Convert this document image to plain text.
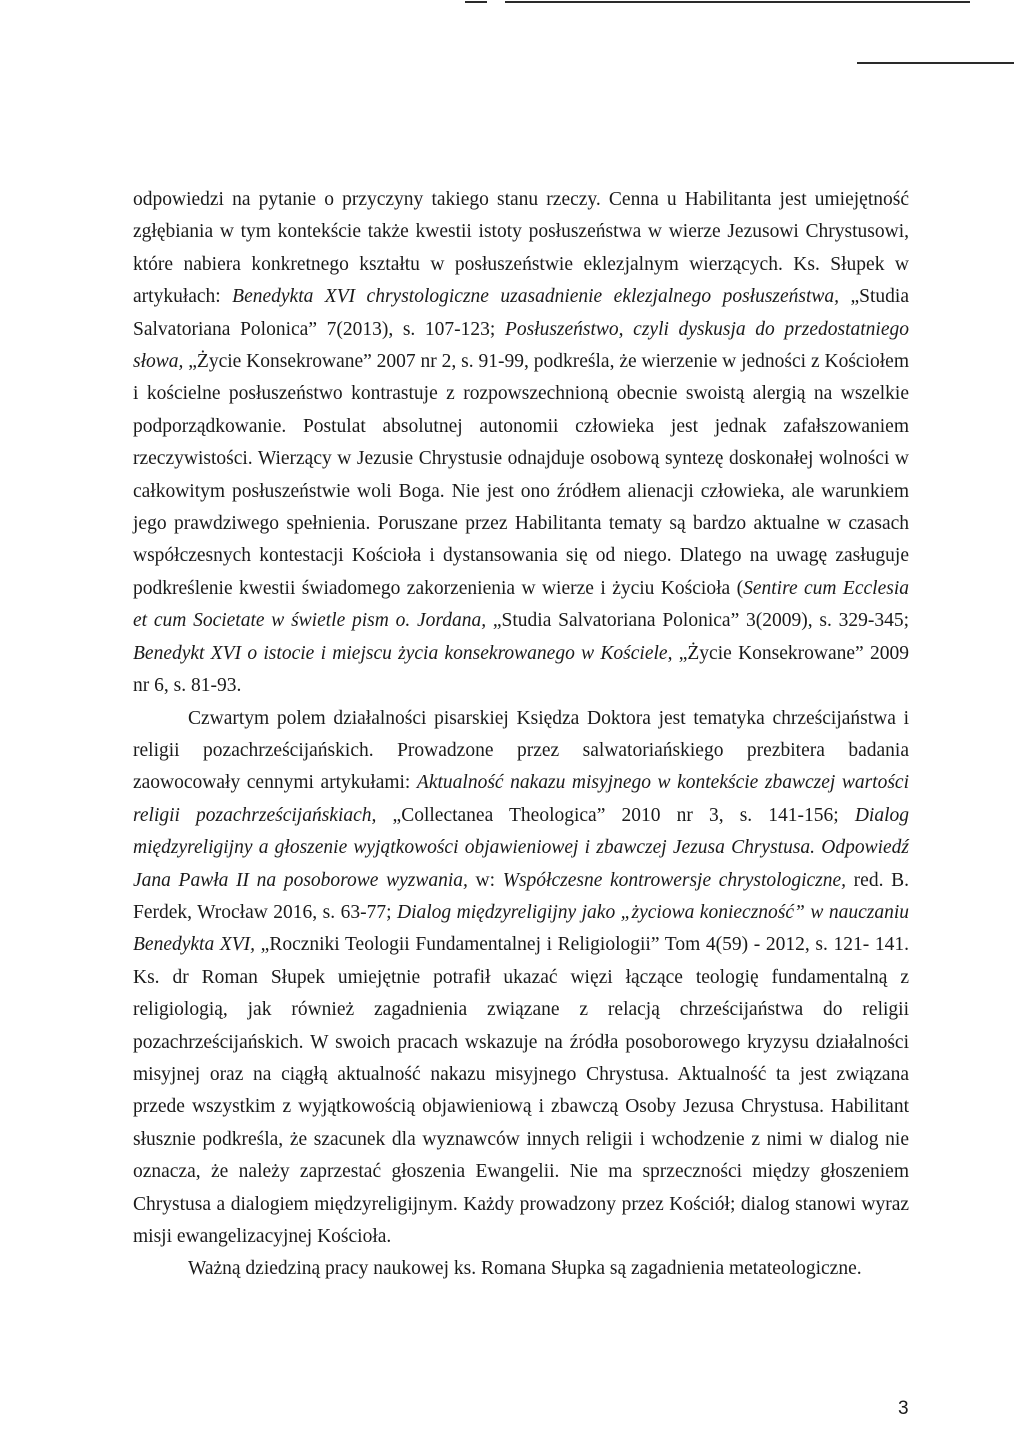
odpowiedzi na pytanie o przyczyny takiego stanu rzeczy. Cenna u Habilitanta jest umiejętność zgłębiania w tym kontekście także kwestii istoty posłuszeństwa w wierze Jezusowi Chrystusowi, które nabiera konkretnego kształtu w posłuszeństwie eklezjalnym wierzących. Ks. Słupek w artykułach: Benedykta XVI chrystologiczne uzasadnienie eklezjalnego posłuszeństwa, „Studia Salvatoriana Polonica” 7(2013), s. 107-123; Posłuszeństwo, czyli dyskusja do przedostatniego słowa, „Życie Konsekrowane” 2007 nr 2, s. 91-99, podkreśla, że wierzenie w jedności z Kościołem i kościelne posłuszeństwo kontrastuje z rozpowszechnioną obecnie swoistą alergią na wszelkie podporządkowanie. Postulat absolutnej autonomii człowieka jest jednak zafałszowaniem rzeczywistości. Wierzący w Jezusie Chrystusie odnajduje osobową syntezę doskonałej wolności w całkowitym posłuszeństwie woli Boga. Nie jest ono źródłem alienacji człowieka, ale warunkiem jego prawdziwego spełnienia. Poruszane przez Habilitanta tematy są bardzo aktualne w czasach współczesnych kontestacji Kościoła i dystansowania się od niego. Dlatego na uwagę zasługuje podkreślenie kwestii świadomego zakorzenienia w wierze i życiu Kościoła (Sentire cum Ecclesia et cum Societate w świetle pism o. Jordana, „Studia Salvatoriana Polonica” 3(2009), s. 329-345; Benedykt XVI o istocie i miejscu życia konsekrowanego w Kościele, „Życie Konsekrowane” 2009 nr 6, s. 81-93.

Czwartym polem działalności pisarskiej Księdza Doktora jest tematyka chrześcijaństwa i religii pozachrześcijańskich. Prowadzone przez salwatoriańskiego prezbitera badania zaowocowały cennymi artykułami: Aktualność nakazu misyjnego w kontekście zbawczej wartości religii pozachrześcijańskiach, „Collectanea Theologica” 2010 nr 3, s. 141-156; Dialog międzyreligijny a głoszenie wyjątkowości objawieniowej i zbawczej Jezusa Chrystusa. Odpowiedź Jana Pawła II na posoborowe wyzwania, w: Współczesne kontrowersje chrystologiczne, red. B. Ferdek, Wrocław 2016, s. 63-77; Dialog międzyreligijny jako „życiowa konieczność” w nauczaniu Benedykta XVI, „Roczniki Teologii Fundamentalnej i Religiologii” Tom 4(59) - 2012, s. 121- 141. Ks. dr Roman Słupek umiejętnie potrafił ukazać więzi łączące teologię fundamentalną z religiologią, jak również zagadnienia związane z relacją chrześcijaństwa do religii pozachrześcijańskich. W swoich pracach wskazuje na źródła posoborowego kryzysu działalności misyjnej oraz na ciągłą aktualność nakazu misyjnego Chrystusa. Aktualność ta jest związana przede wszystkim z wyjątkowością objawieniową i zbawczą Osoby Jezusa Chrystusa. Habilitant słusznie podkreśla, że szacunek dla wyznawców innych religii i wchodzenie z nimi w dialog nie oznacza, że należy zaprzestać głoszenia Ewangelii. Nie ma sprzeczności między głoszeniem Chrystusa a dialogiem międzyreligijnym. Każdy prowadzony przez Kościół; dialog stanowi wyraz misji ewangelizacyjnej Kościoła.

Ważną dziedziną pracy naukowej ks. Romana Słupka są zagadnienia metateologiczne.

3
